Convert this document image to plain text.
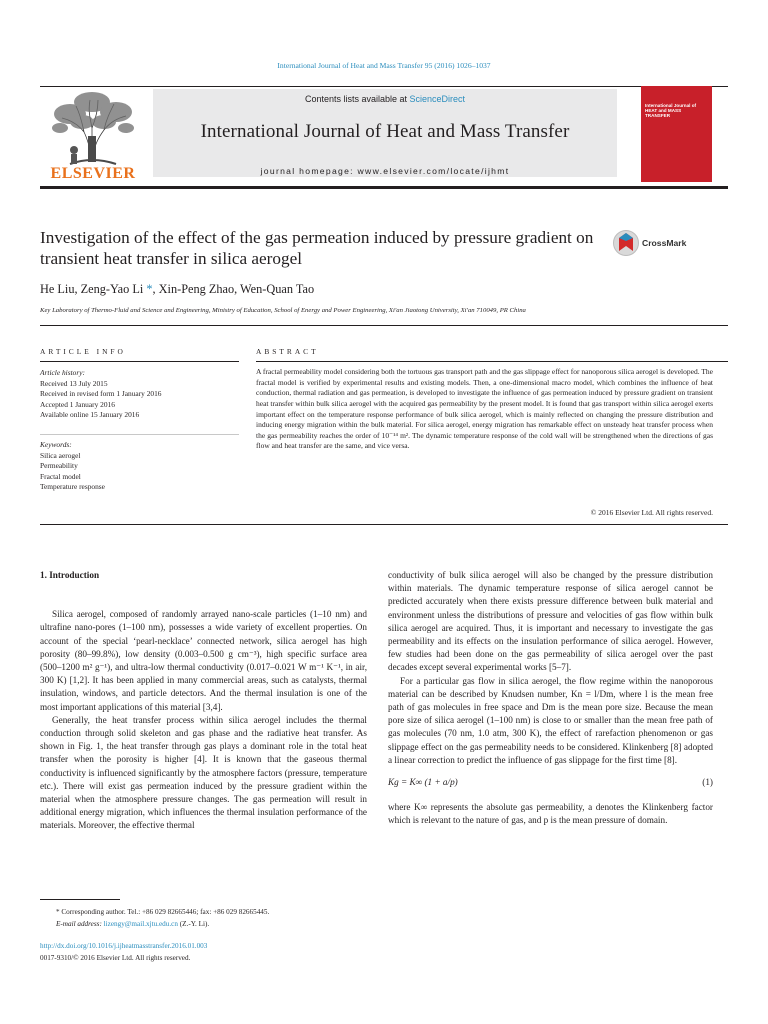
International Journal of Heat and Mass Transfer 95 (2016) 1026–1037
Contents lists available at ScienceDirect
International Journal of Heat and Mass Transfer
journal homepage: www.elsevier.com/locate/ijhmt
ELSEVIER
International Journal of HEAT and MASS TRANSFER
Investigation of the effect of the gas permeation induced by pressure gradient on transient heat transfer in silica aerogel
CrossMark
He Liu, Zeng-Yao Li *, Xin-Peng Zhao, Wen-Quan Tao
Key Laboratory of Thermo-Fluid and Science and Engineering, Ministry of Education, School of Energy and Power Engineering, Xi'an Jiaotong University, Xi'an 710049, PR China
ARTICLE INFO	ABSTRACT
Article history:
Received 13 July 2015
Received in revised form 1 January 2016
Accepted 1 January 2016
Available online 15 January 2016
Keywords:
Silica aerogel
Permeability
Fractal model
Temperature response
A fractal permeability model considering both the tortuous gas transport path and the gas slippage effect for nanoporous silica aerogel is developed. The fractal model is verified by experimental results and existing models. Then, a one-dimensional macro model, which combines the influence of heat conduction, thermal radiation and gas permeation, is developed to investigate the influence of gas permeation induced by pressure gradient on transient heat transfer within bulk silica aerogel with the acquired gas permeability by the present model. It is found that gas transport within silica aerogel exerts important effect on the temperature response performance of bulk silica aerogel, which is mainly reflected on changing the pressure distribution and inducing energy migration within the bulk material. For silica aerogel, energy migration has remarkable effect on unsteady heat transfer process when the gas permeability reaches the order of 10⁻¹⁴ m². The dynamic temperature response of the cold wall will be strengthened when the directions of gas flow and heat transfer are the same, and vice versa.
© 2016 Elsevier Ltd. All rights reserved.
1. Introduction

Silica aerogel, composed of randomly arrayed nano-scale particles (1–10 nm) and ultrafine nano-pores (1–100 nm), possesses a wide variety of excellent properties. On account of the special ‘pearl-necklace’ connected network, silica aerogel has high porosity (80–99.8%), low density (0.003–0.500 g cm⁻³), high specific surface area (500–1200 m² g⁻¹), and ultra-low thermal conductivity (0.017–0.021 W m⁻¹ K⁻¹, in air, 300 K) [1,2]. It has been applied in many commercial areas, such as catalysts, thermal insulation, windows, and particle detectors. And the thermal insulation is one of the most important applications of this material [3,4].

Generally, the heat transfer process within silica aerogel includes the thermal conduction through solid skeleton and gas phase and the radiative heat transfer. As shown in Fig. 1, the heat transfer through gas plays a dominant role in the total heat transfer when the porosity is higher [4]. It is known that the gaseous thermal conductivity is influenced significantly by the atmosphere factors (pressure, temperature etc.). There will exist gas permeation induced by the pressure gradient within the material when the atmosphere pressure changes. The gas permeation will result in additional energy migration, which influences the thermal insulation performance of the materials. Moreover, the effective thermal

conductivity of bulk silica aerogel will also be changed by the pressure distribution within materials. The dynamic temperature response of silica aerogel cannot be predicted accurately when there exists pressure difference between bulk material and environment unless the distributions of pressure and velocities of gas flow within bulk silica aerogel are acquired. Thus, it is important and necessary to investigate the gas permeability and its effects on the insulation performance of silica aerogel. However, few studies had been done on the gas permeability of silica aerogel over the past decades except several experimental works [5–7].

For a particular gas flow in silica aerogel, the flow regime within the nanoporous material can be described by Knudsen number, Kn = l/Dm, where l is the mean free path of gas molecules in free space and Dm is the mean pore size. Because the mean pore size of silica aerogel (1–100 nm) is close to or smaller than the mean free path of gas molecules (70 nm, 1.0 atm, 300 K), the effect of rarefaction phenomenon or gas slippage effect on the gas permeability needs to be considered. Klinkenberg [8] adopted a linear correction to predict the influence of gas slippage for the first time [8].

Kg = K∞ (1 + a/p)	(1)

where K∞ represents the absolute gas permeability, a denotes the Klinkenberg factor which is relevant to the nature of gas, and p is the mean pressure of domain.

* Corresponding author. Tel.: +86 029 82665446; fax: +86 029 82665445.
E-mail address: lizengy@mail.xjtu.edu.cn (Z.-Y. Li).
http://dx.doi.org/10.1016/j.ijheatmasstransfer.2016.01.003
0017-9310/© 2016 Elsevier Ltd. All rights reserved.
